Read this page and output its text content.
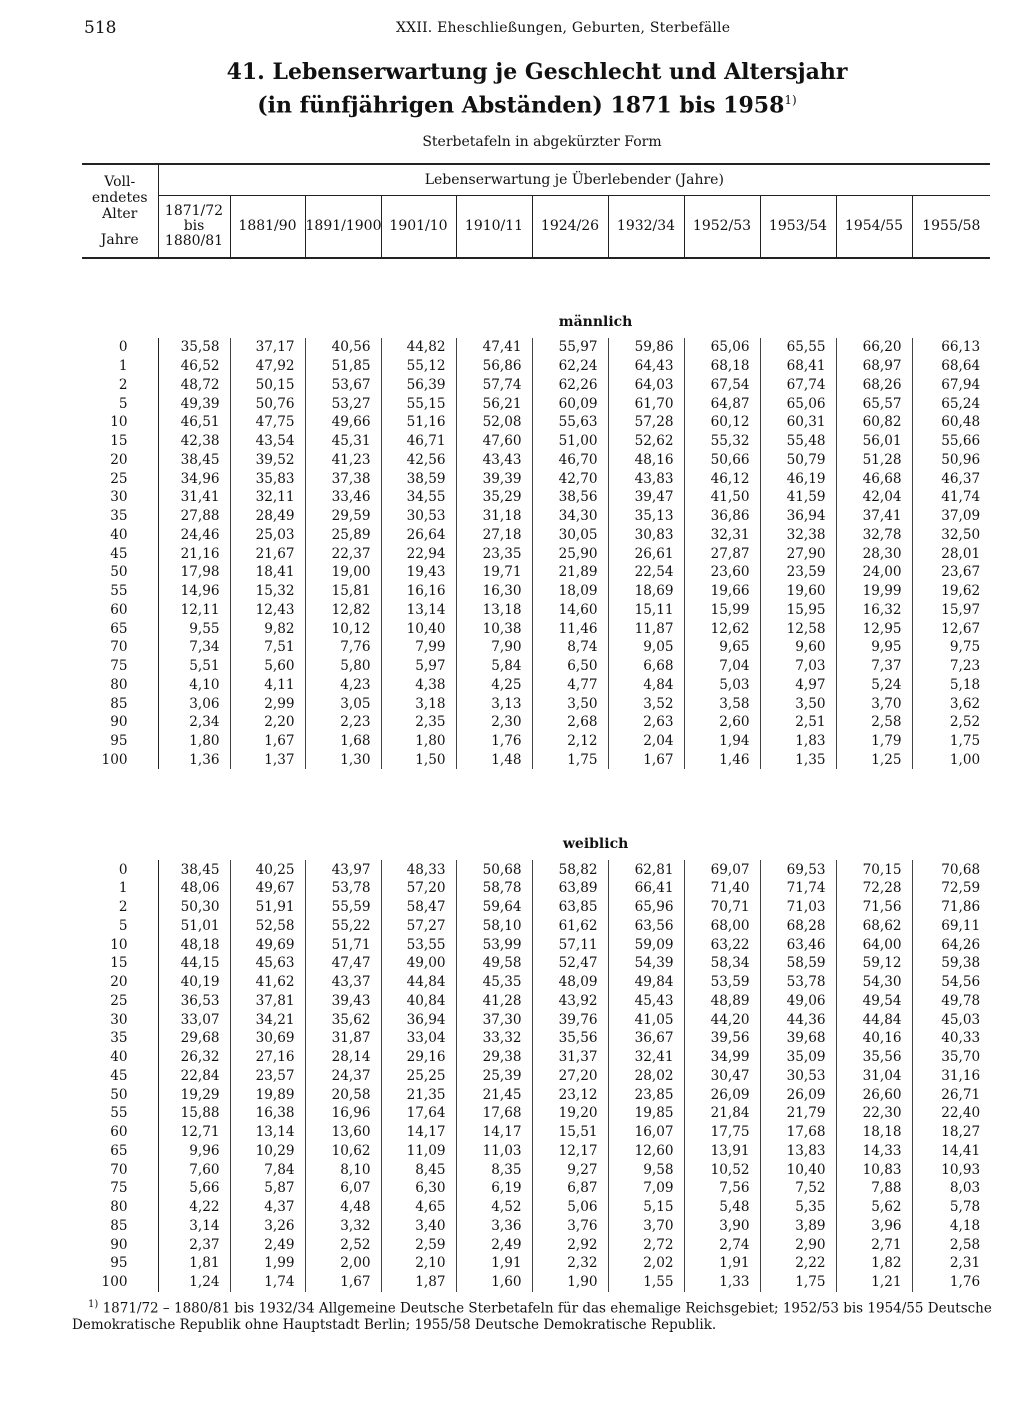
518	XXII. Eheschließungen, Geburten, Sterbefälle
41. Lebenserwartung je Geschlecht und Altersjahr
(in fünfjährigen Abständen) 1871 bis 1958$^{1)}$
Sterbetafeln in abgekürzter Form
Voll-
endetes
Alter
Jahre	Lebenserwartung je Überlebender (Jahre)										

	1871/72
bis
1880/81	1881/90	1891/1900	1901/10	1910/11	1924/26	1932/34	1952/53	1953/54	1954/55	1955/58

männlich											
0	35,58	37,17	40,56	44,82	47,41	55,97	59,86	65,06	65,55	66,20	66,13
1	46,52	47,92	51,85	55,12	56,86	62,24	64,43	68,18	68,41	68,97	68,64
2	48,72	50,15	53,67	56,39	57,74	62,26	64,03	67,54	67,74	68,26	67,94
5	49,39	50,76	53,27	55,15	56,21	60,09	61,70	64,87	65,06	65,57	65,24
10	46,51	47,75	49,66	51,16	52,08	55,63	57,28	60,12	60,31	60,82	60,48
15	42,38	43,54	45,31	46,71	47,60	51,00	52,62	55,32	55,48	56,01	55,66
20	38,45	39,52	41,23	42,56	43,43	46,70	48,16	50,66	50,79	51,28	50,96
25	34,96	35,83	37,38	38,59	39,39	42,70	43,83	46,12	46,19	46,68	46,37
30	31,41	32,11	33,46	34,55	35,29	38,56	39,47	41,50	41,59	42,04	41,74
35	27,88	28,49	29,59	30,53	31,18	34,30	35,13	36,86	36,94	37,41	37,09
40	24,46	25,03	25,89	26,64	27,18	30,05	30,83	32,31	32,38	32,78	32,50
45	21,16	21,67	22,37	22,94	23,35	25,90	26,61	27,87	27,90	28,30	28,01
50	17,98	18,41	19,00	19,43	19,71	21,89	22,54	23,60	23,59	24,00	23,67
55	14,96	15,32	15,81	16,16	16,30	18,09	18,69	19,66	19,60	19,99	19,62
60	12,11	12,43	12,82	13,14	13,18	14,60	15,11	15,99	15,95	16,32	15,97
65	9,55	9,82	10,12	10,40	10,38	11,46	11,87	12,62	12,58	12,95	12,67
70	7,34	7,51	7,76	7,99	7,90	8,74	9,05	9,65	9,60	9,95	9,75
75	5,51	5,60	5,80	5,97	5,84	6,50	6,68	7,04	7,03	7,37	7,23
80	4,10	4,11	4,23	4,38	4,25	4,77	4,84	5,03	4,97	5,24	5,18
85	3,06	2,99	3,05	3,18	3,13	3,50	3,52	3,58	3,50	3,70	3,62
90	2,34	2,20	2,23	2,35	2,30	2,68	2,63	2,60	2,51	2,58	2,52
95	1,80	1,67	1,68	1,80	1,76	2,12	2,04	1,94	1,83	1,79	1,75
100	1,36	1,37	1,30	1,50	1,48	1,75	1,67	1,46	1,35	1,25	1,00
weiblich											
0	38,45	40,25	43,97	48,33	50,68	58,82	62,81	69,07	69,53	70,15	70,68
1	48,06	49,67	53,78	57,20	58,78	63,89	66,41	71,40	71,74	72,28	72,59
2	50,30	51,91	55,59	58,47	59,64	63,85	65,96	70,71	71,03	71,56	71,86
5	51,01	52,58	55,22	57,27	58,10	61,62	63,56	68,00	68,28	68,62	69,11
10	48,18	49,69	51,71	53,55	53,99	57,11	59,09	63,22	63,46	64,00	64,26
15	44,15	45,63	47,47	49,00	49,58	52,47	54,39	58,34	58,59	59,12	59,38
20	40,19	41,62	43,37	44,84	45,35	48,09	49,84	53,59	53,78	54,30	54,56
25	36,53	37,81	39,43	40,84	41,28	43,92	45,43	48,89	49,06	49,54	49,78
30	33,07	34,21	35,62	36,94	37,30	39,76	41,05	44,20	44,36	44,84	45,03
35	29,68	30,69	31,87	33,04	33,32	35,56	36,67	39,56	39,68	40,16	40,33
40	26,32	27,16	28,14	29,16	29,38	31,37	32,41	34,99	35,09	35,56	35,70
45	22,84	23,57	24,37	25,25	25,39	27,20	28,02	30,47	30,53	31,04	31,16
50	19,29	19,89	20,58	21,35	21,45	23,12	23,85	26,09	26,09	26,60	26,71
55	15,88	16,38	16,96	17,64	17,68	19,20	19,85	21,84	21,79	22,30	22,40
60	12,71	13,14	13,60	14,17	14,17	15,51	16,07	17,75	17,68	18,18	18,27
65	9,96	10,29	10,62	11,09	11,03	12,17	12,60	13,91	13,83	14,33	14,41
70	7,60	7,84	8,10	8,45	8,35	9,27	9,58	10,52	10,40	10,83	10,93
75	5,66	5,87	6,07	6,30	6,19	6,87	7,09	7,56	7,52	7,88	8,03
80	4,22	4,37	4,48	4,65	4,52	5,06	5,15	5,48	5,35	5,62	5,78
85	3,14	3,26	3,32	3,40	3,36	3,76	3,70	3,90	3,89	3,96	4,18
90	2,37	2,49	2,52	2,59	2,49	2,92	2,72	2,74	2,90	2,71	2,58
95	1,81	1,99	2,00	2,10	1,91	2,32	2,02	1,91	2,22	1,82	2,31
100	1,24	1,74	1,67	1,87	1,60	1,90	1,55	1,33	1,75	1,21	1,76
$^{1)}$ 1871/72 – 1880/81 bis 1932/34 Allgemeine Deutsche Sterbetafeln für das ehemalige Reichsgebiet; 1952/53 bis 1954/55 Deutsche
Demokratische Republik ohne Hauptstadt Berlin; 1955/58 Deutsche Demokratische Republik.
